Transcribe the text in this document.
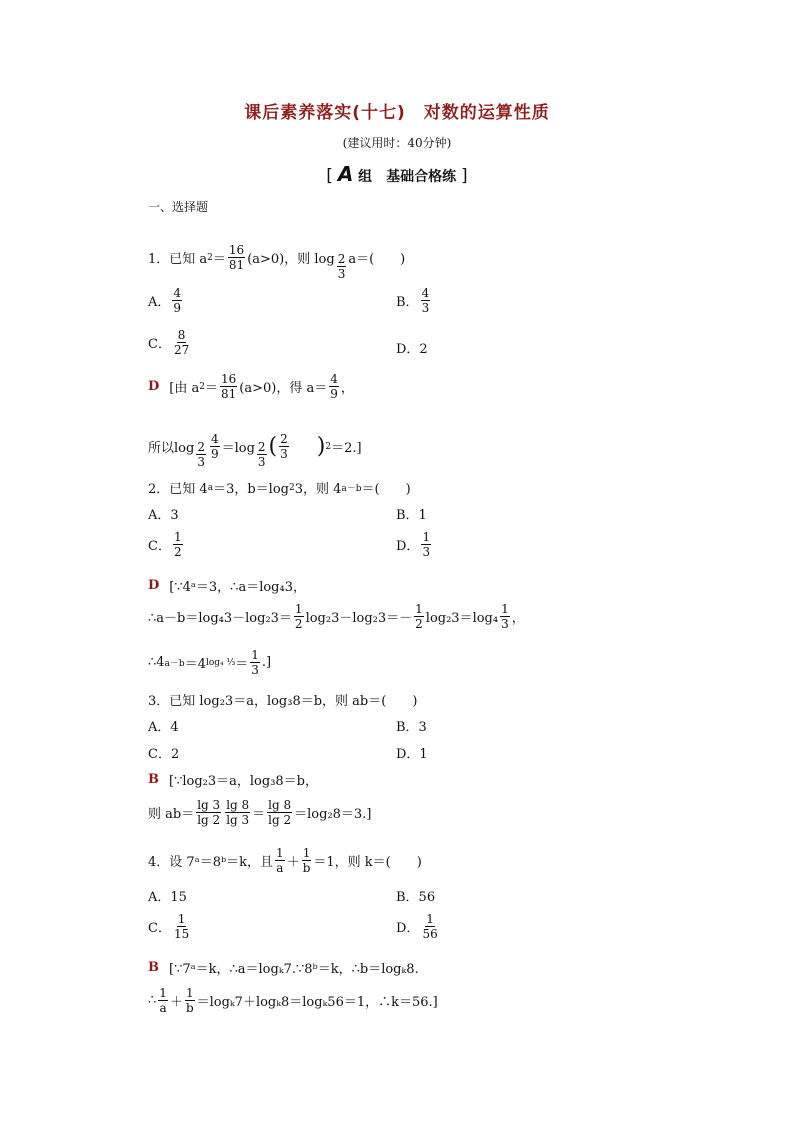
课后素养落实(十七)　对数的运算性质
(建议用时：40分钟)
[ A 组　基础合格练 ]
一、选择题
1．已知 a $2 = \frac{16}{81} (a>0)$，则 $\log \frac{2}{3} a=$(　　)
A． $\frac{4}{9}$	B． $\frac{4}{3}$
C． $\frac{8}{27}$	D．2
D [由 a $2 = \frac{16}{81} (a>0)$，得 $a= \frac{4}{9}$ ，
所以$\log \frac{2}{3} \frac{4}{9} =\log \frac{2}{3}$ ( $\frac{2}{3}$ ) 2 ＝2.]
2．已知 4 a ＝3，b＝log 2 3，则 4 a－b ＝(　　)
A．3	B．1
C． $\frac{1}{2}$	D． $\frac{1}{3}$
D [∵4ᵃ＝3，∴a＝log₄3，
∴a－b＝log₄3－log₂3＝ $\frac{1}{2} \log_23-\log_23=- \frac{1}{2} \log_23=\log_4 \frac{1}{3}$ ，
∴4 a－b ＝4 log₄ ⅓ ＝ $\frac{1}{3}$ .]
3．已知 log₂3＝a，log₃8＝b，则 ab＝(　　)
A．4	B．3
C．2	D．1
B [∵log₂3＝a，log₃8＝b，
则 $ab= \frac{\lg 3}{\lg 2} \frac{\lg 8}{\lg 3} = \frac{\lg 8}{\lg 2} =\log_28=3$.]
4．设 7ᵃ＝8ᵇ＝k，且 $\frac{1}{a} + \frac{1}{b} =1$，则 k＝(　　)
A．15	B．56
C． $\frac{1}{15}$	D． $\frac{1}{56}$
B [∵7ᵃ＝k，∴a＝logₖ7.∵8ᵇ＝k，∴b＝logₖ8.
∴ $\frac{1}{a} + \frac{1}{b} =\log_k7+\log_k8=\log_k56=1$，∴k＝56.]
